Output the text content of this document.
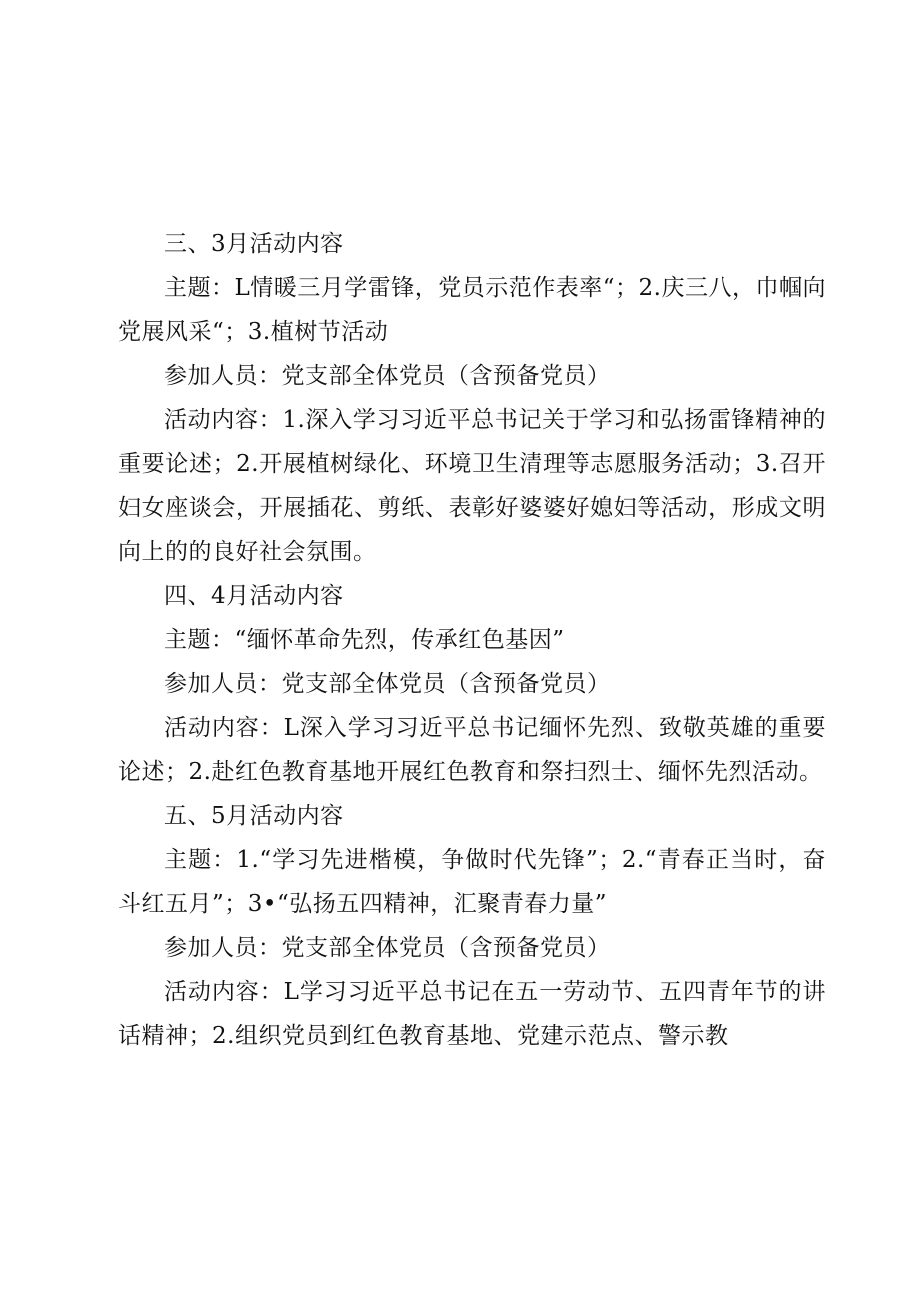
三、3月活动内容

主题：L情暖三月学雷锋，党员示范作表率“；2.庆三八，巾帼向党展风采“；3.植树节活动

参加人员：党支部全体党员（含预备党员）

活动内容：1.深入学习习近平总书记关于学习和弘扬雷锋精神的重要论述；2.开展植树绿化、环境卫生清理等志愿服务活动；3.召开妇女座谈会，开展插花、剪纸、表彰好婆婆好媳妇等活动，形成文明向上的的良好社会氛围。

四、4月活动内容

主题：“缅怀革命先烈，传承红色基因”

参加人员：党支部全体党员（含预备党员）

活动内容：L深入学习习近平总书记缅怀先烈、致敬英雄的重要论述；2.赴红色教育基地开展红色教育和祭扫烈士、缅怀先烈活动。

五、5月活动内容

主题：1.“学习先进楷模，争做时代先锋”；2.“青春正当时，奋斗红五月”；3•“弘扬五四精神，汇聚青春力量”

参加人员：党支部全体党员（含预备党员）

活动内容：L学习习近平总书记在五一劳动节、五四青年节的讲话精神；2.组织党员到红色教育基地、党建示范点、警示教
